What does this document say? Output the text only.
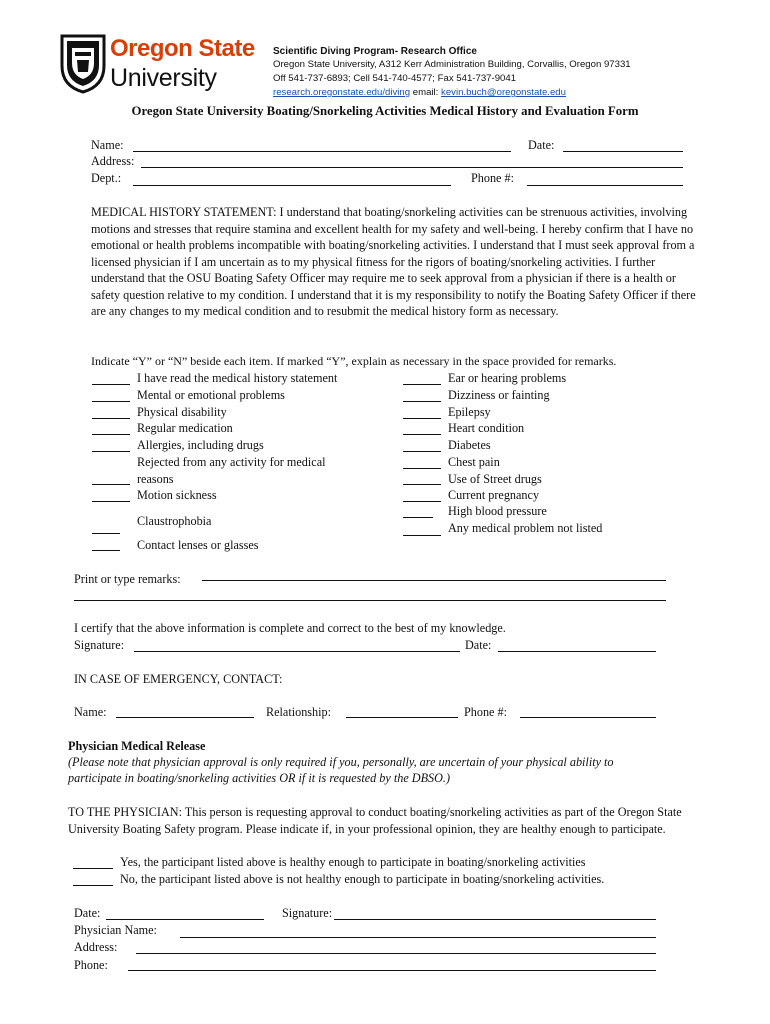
Oregon State
University
Scientific Diving Program- Research Office
Oregon State University, A312 Kerr Administration Building, Corvallis, Oregon 97331
Off 541-737-6893; Cell 541-740-4577; Fax 541-737-9041
research.oregonstate.edu/diving email: kevin.buch@oregonstate.edu
Oregon State University Boating/Snorkeling Activities Medical History and Evaluation Form
Name:	Date:
Address:
Dept.:	Phone #:
MEDICAL HISTORY STATEMENT: I understand that boating/snorkeling activities can be strenuous activities, involving motions and stresses that require stamina and excellent health for my safety and well-being. I hereby confirm that I have no emotional or health problems incompatible with boating/snorkeling activities. I understand that I must seek approval from a licensed physician if I am uncertain as to my physical fitness for the rigors of boating/snorkeling activities. I further understand that the OSU Boating Safety Officer may require me to seek approval from a physician if there is a health or safety question relative to my condition. I understand that it is my responsibility to notify the Boating Safety Officer if there are any changes to my medical condition and to resubmit the medical history form as necessary.
Indicate “Y” or “N” beside each item. If marked “Y”, explain as necessary in the space provided for remarks.
I have read the medical history statement
Mental or emotional problems
Physical disability
Regular medication
Allergies, including drugs
Rejected from any activity for medical
reasons
Motion sickness
Claustrophobia
Contact lenses or glasses
Ear or hearing problems
Dizziness or fainting
Epilepsy
Heart condition
Diabetes
Chest pain
Use of Street drugs
Current pregnancy
High blood pressure
Any medical problem not listed
Print or type remarks:
I certify that the above information is complete and correct to the best of my knowledge.
Signature:	Date:
IN CASE OF EMERGENCY, CONTACT:
Name:	Relationship:	Phone #:
Physician Medical Release
(Please note that physician approval is only required if you, personally, are uncertain of your physical ability to
participate in boating/snorkeling activities OR if it is requested by the DBSO.)
TO THE PHYSICIAN: This person is requesting approval to conduct boating/snorkeling activities as part of the Oregon State University Boating Safety program. Please indicate if, in your professional opinion, they are healthy enough to participate.
Yes, the participant listed above is healthy enough to participate in boating/snorkeling activities
No, the participant listed above is not healthy enough to participate in boating/snorkeling activities.
Date:	Signature:
Physician Name:
Address:
Phone:
